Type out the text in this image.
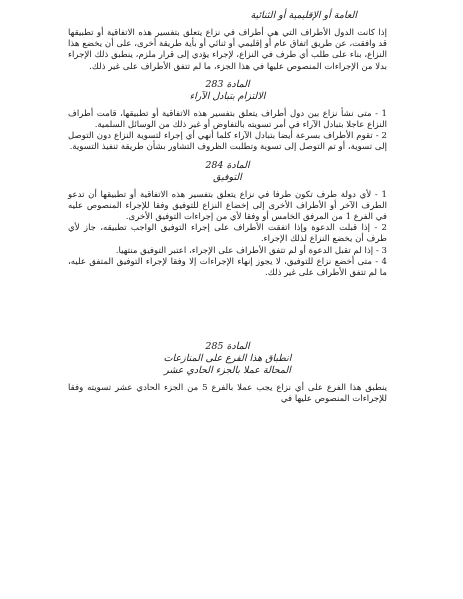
العامة أو الإقليمية أو الثنائية

إذا كانت الدول الأطراف التي هي أطراف في نزاع يتعلق بتفسير هذه الاتفاقية أو تطبيقها قد وافقت، عن طريق اتفاق عام أو إقليمي أو ثنائي أو بأية طريقة أخرى، على أن يخضع هذا النزاع، بناء على طلب أي طرف في النزاع، لإجراء يؤدي إلى قرار ملزم، ينطبق ذلك الإجراء بدلا من الإجراءات المنصوص عليها في هذا الجزء، ما لم تتفق الأطراف على غير ذلك.

المادة 283

الالتزام بتبادل الآراء

1 - متى نشأ نزاع بين دول أطراف يتعلق بتفسير هذه الاتفاقية أو تطبيقها، قامت أطراف النزاع عاجلا بتبادل الآراء في أمر تسويته بالتفاوض أو غير ذلك من الوسائل السلمية.

2 - تقوم الأطراف بسرعة أيضا بتبادل الآراء كلما أنهي أي إجراء لتسوية النزاع دون التوصل إلى تسوية، أو تم التوصل إلى تسوية وتطلبت الظروف التشاور بشأن طريقة تنفيذ التسوية.

المادة 284

التوفيق

1 - لأي دولة طرف تكون طرفا في نزاع يتعلق بتفسير هذه الاتفاقية أو تطبيقها أن تدعو الطرف الآخر أو الأطراف الأخرى إلى إخضاع النزاع للتوفيق وفقا للإجراء المنصوص عليه في الفرع 1 من المرفق الخامس أو وفقا لأي من إجراءات التوفيق الأخرى.

2 - إذا قبلت الدعوة وإذا اتفقت الأطراف على إجراء التوفيق الواجب تطبيقه، جاز لأي طرف أن يخضع النزاع لذلك الإجراء.

3 - إذا لم تقبل الدعوة أو لم تتفق الأطراف على الإجراء، اعتبر التوفيق منتهيا.

4 - متى أخضع نزاع للتوفيق، لا يجوز إنهاء الإجراءات إلا وفقا لإجراء التوفيق المتفق عليه، ما لم تتفق الأطراف على غير ذلك.

المادة 285

انطباق هذا الفرع على المنازعات

المحالة عملا بالجزء الحادي عشر

ينطبق هذا الفرع على أي نزاع يجب عملا بالفرع 5 من الجزء الحادي عشر تسويته وفقا للإجراءات المنصوص عليها في
